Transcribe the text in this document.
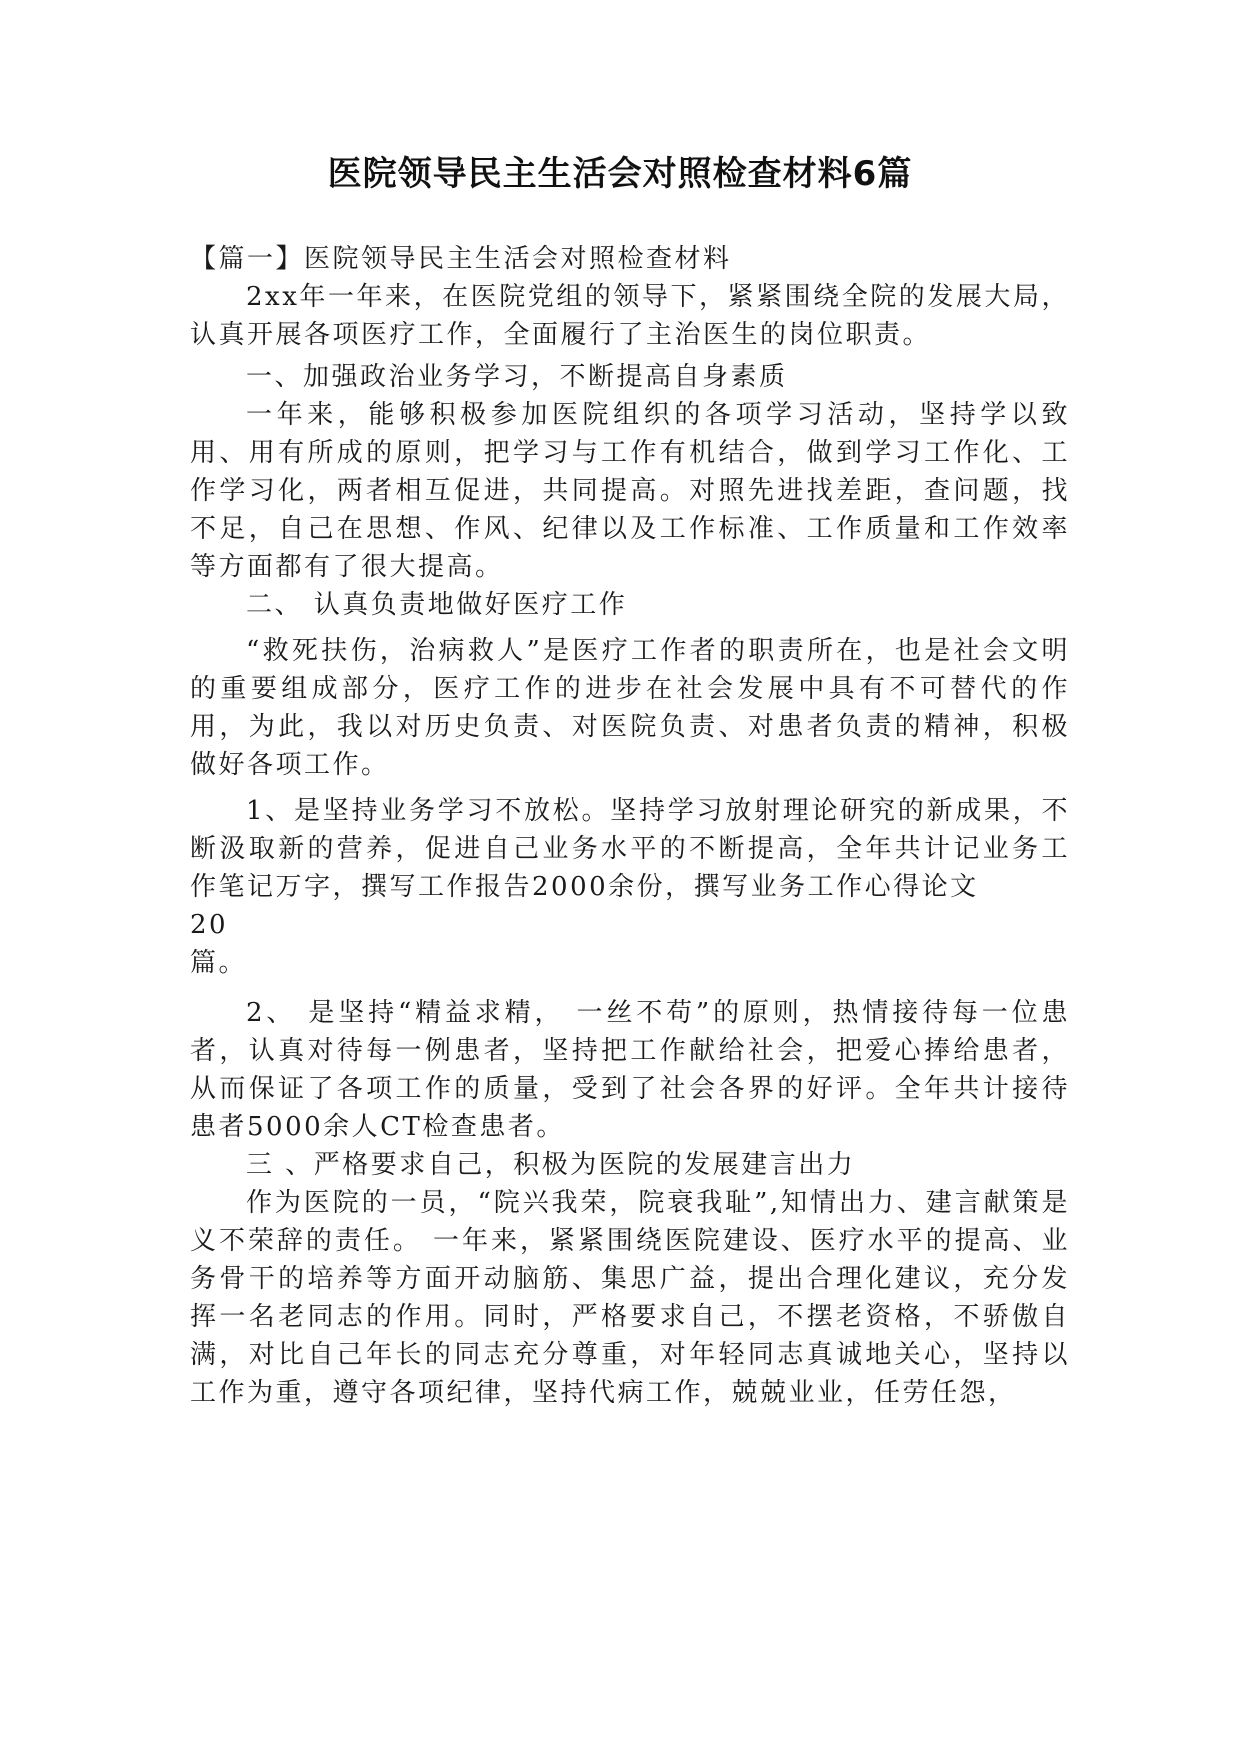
医院领导民主生活会对照检查材料6篇

【篇一】医院领导民主生活会对照检查材料

2xx年一年来，在医院党组的领导下，紧紧围绕全院的发展大局，认真开展各项医疗工作，全面履行了主治医生的岗位职责。

一、加强政治业务学习，不断提高自身素质

一年来，能够积极参加医院组织的各项学习活动，坚持学以致用、用有所成的原则，把学习与工作有机结合，做到学习工作化、工作学习化，两者相互促进，共同提高。对照先进找差距，查问题，找不足，自己在思想、作风、纪律以及工作标准、工作质量和工作效率等方面都有了很大提高。

二、 认真负责地做好医疗工作

“救死扶伤，治病救人”是医疗工作者的职责所在，也是社会文明的重要组成部分，医疗工作的进步在社会发展中具有不可替代的作用，为此，我以对历史负责、对医院负责、对患者负责的精神，积极做好各项工作。

1、是坚持业务学习不放松。坚持学习放射理论研究的新成果，不断汲取新的营养，促进自己业务水平的不断提高，全年共计记业务工作笔记万字，撰写工作报告2000余份，撰写业务工作心得论文

20

篇。

2、 是坚持“精益求精， 一丝不苟”的原则，热情接待每一位患者，认真对待每一例患者，坚持把工作献给社会，把爱心捧给患者，从而保证了各项工作的质量，受到了社会各界的好评。全年共计接待患者5000余人CT检查患者。

三 、严格要求自己，积极为医院的发展建言出力

作为医院的一员，“院兴我荣，院衰我耻”,知情出力、建言献策是义不荣辞的责任。 一年来，紧紧围绕医院建设、医疗水平的提高、业务骨干的培养等方面开动脑筋、集思广益，提出合理化建议，充分发挥一名老同志的作用。同时，严格要求自己，不摆老资格，不骄傲自满，对比自己年长的同志充分尊重，对年轻同志真诚地关心，坚持以工作为重，遵守各项纪律，坚持代病工作，兢兢业业，任劳任怨，
